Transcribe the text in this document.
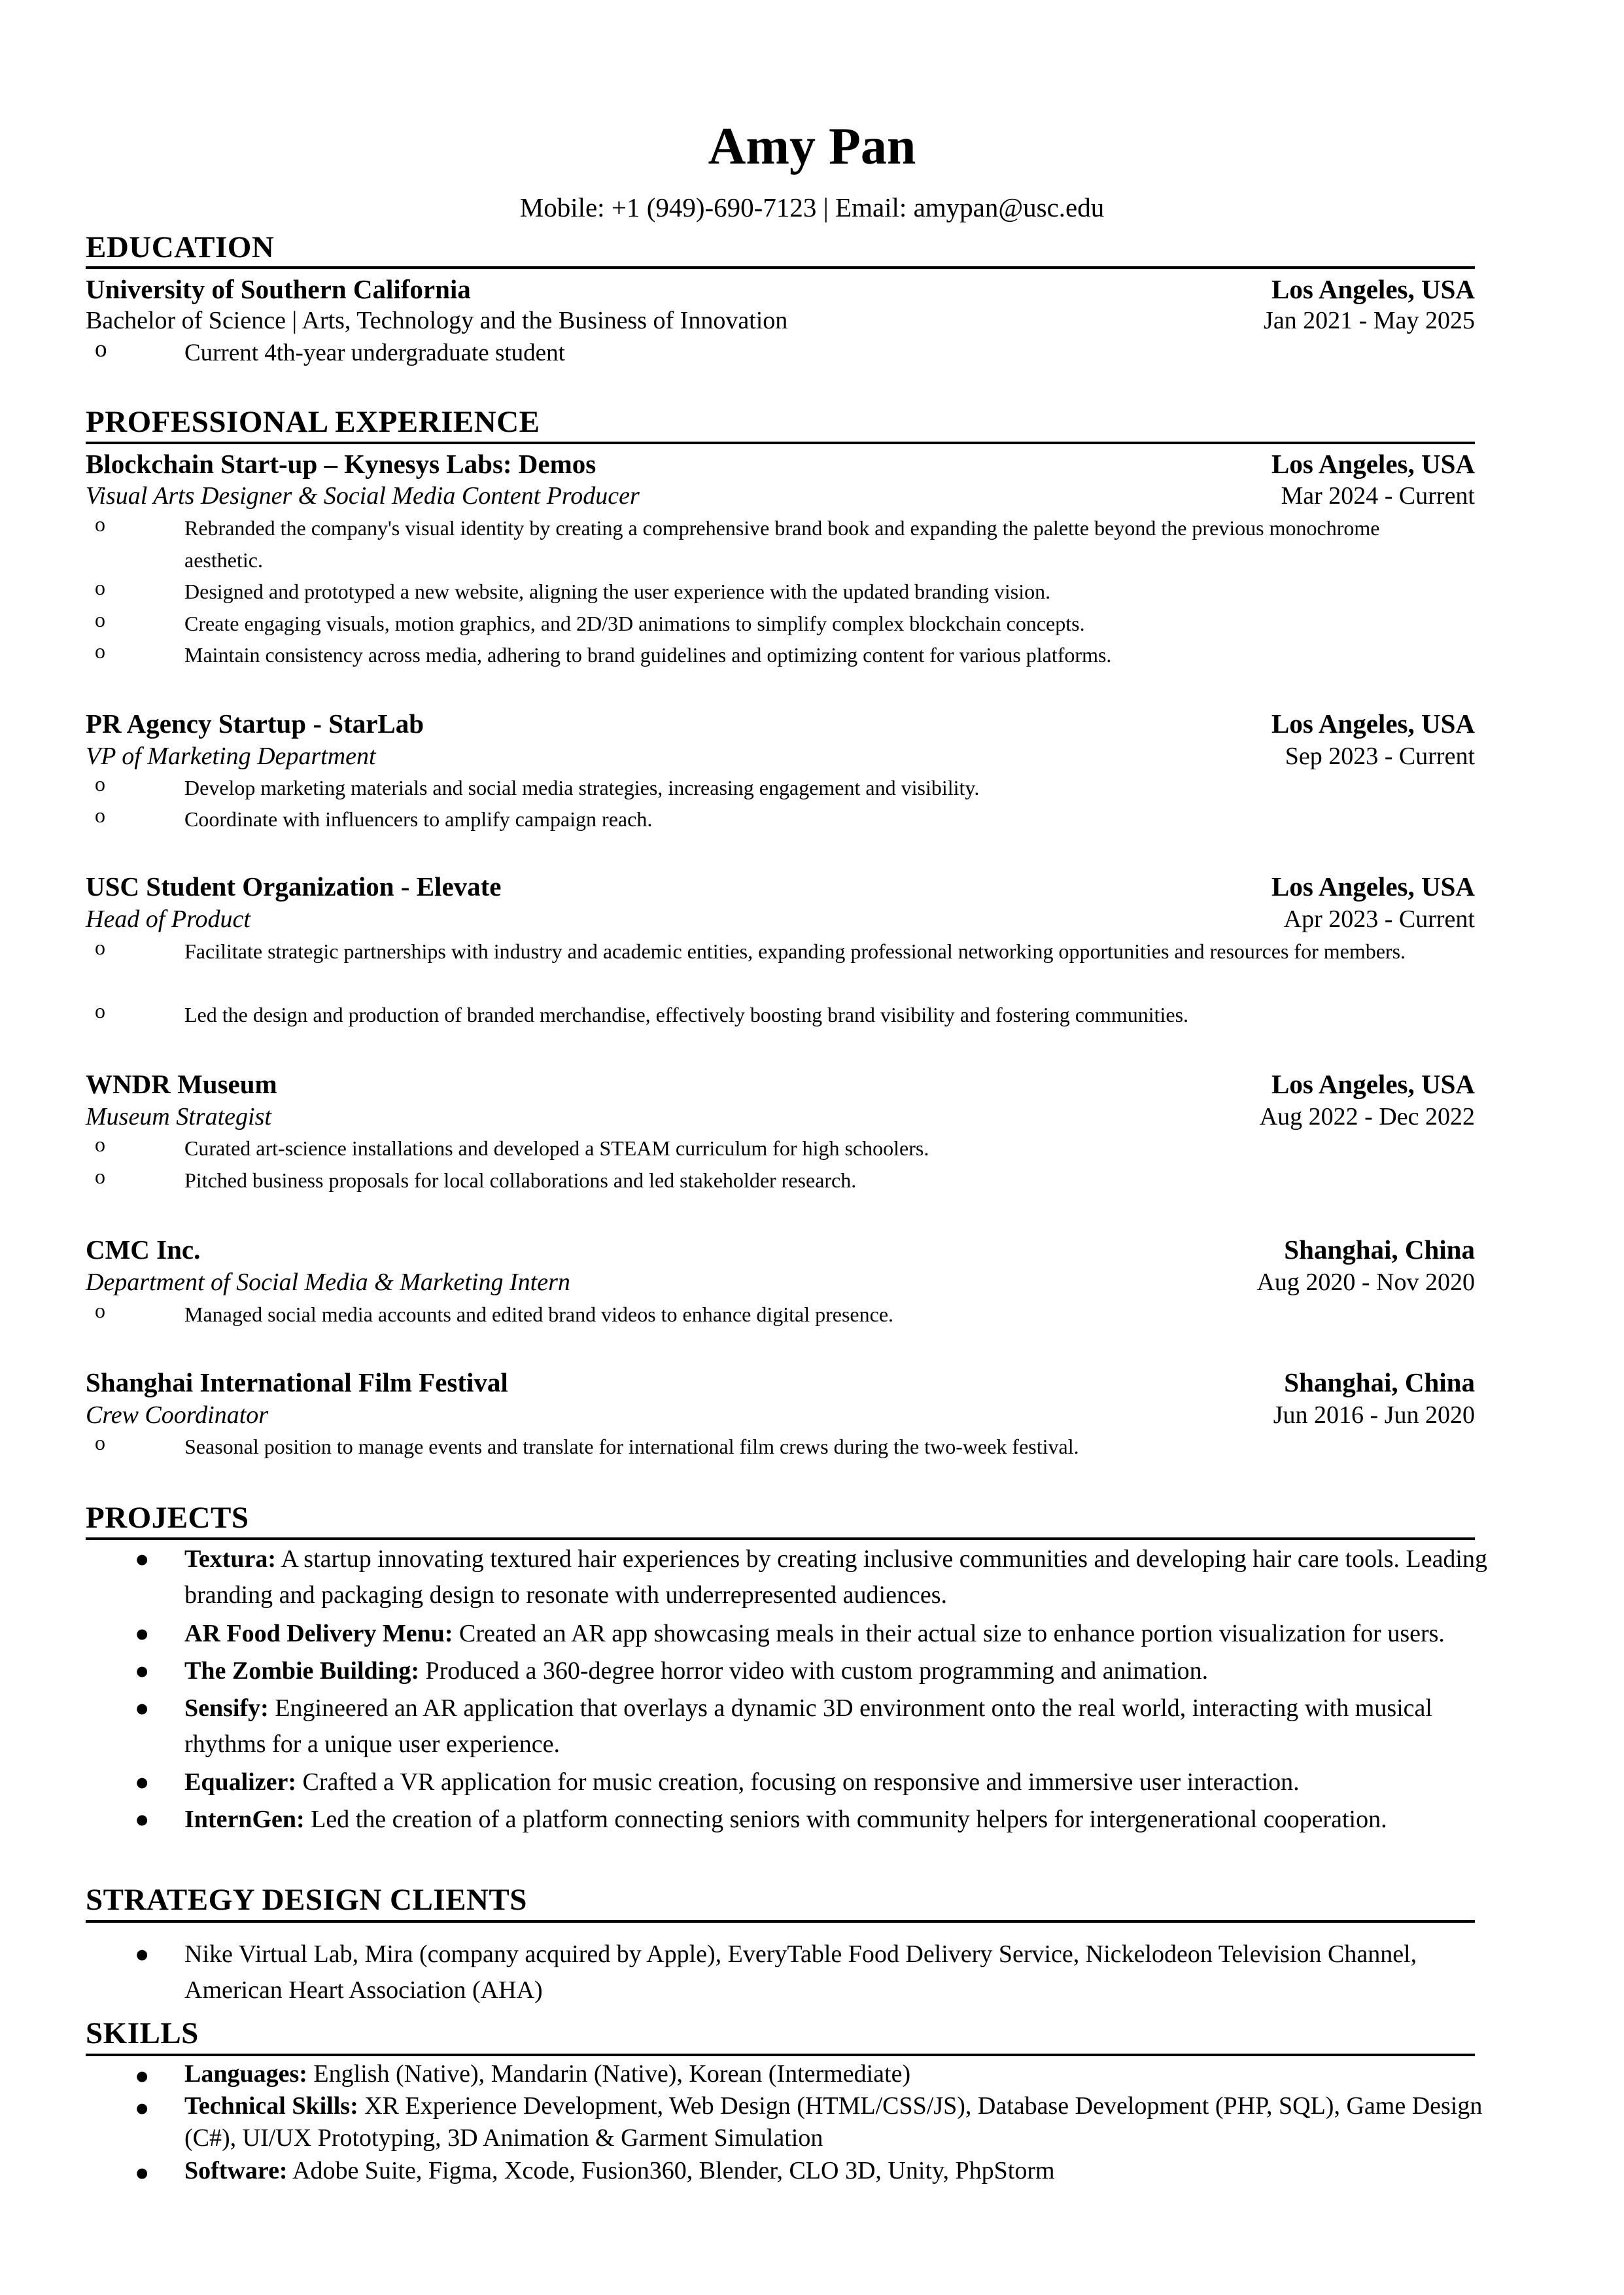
Amy Pan
Mobile: +1 (949)-690-7123 | Email: amypan@usc.edu
EDUCATION
University of Southern California	Los Angeles, USA
Bachelor of Science | Arts, Technology and the Business of Innovation	Jan 2021 - May 2025
o	Current 4th-year undergraduate student
PROFESSIONAL EXPERIENCE
Blockchain Start-up – Kynesys Labs: Demos	Los Angeles, USA
Visual Arts Designer & Social Media Content Producer	Mar 2024 - Current
o	Rebranded the company's visual identity by creating a comprehensive brand book and expanding the palette beyond the previous monochrome aesthetic.
o	Designed and prototyped a new website, aligning the user experience with the updated branding vision.
o	Create engaging visuals, motion graphics, and 2D/3D animations to simplify complex blockchain concepts.
o	Maintain consistency across media, adhering to brand guidelines and optimizing content for various platforms.
PR Agency Startup - StarLab	Los Angeles, USA
VP of Marketing Department	Sep 2023 - Current
o	Develop marketing materials and social media strategies, increasing engagement and visibility.
o	Coordinate with influencers to amplify campaign reach.
USC Student Organization - Elevate	Los Angeles, USA
Head of Product	Apr 2023 - Current
o	Facilitate strategic partnerships with industry and academic entities, expanding professional networking opportunities and resources for members.
o	Led the design and production of branded merchandise, effectively boosting brand visibility and fostering communities.
WNDR Museum	Los Angeles, USA
Museum Strategist	Aug 2022 - Dec 2022
o	Curated art-science installations and developed a STEAM curriculum for high schoolers.
o	Pitched business proposals for local collaborations and led stakeholder research.
CMC Inc.	Shanghai, China
Department of Social Media & Marketing Intern	Aug 2020 - Nov 2020
o	Managed social media accounts and edited brand videos to enhance digital presence.
Shanghai International Film Festival	Shanghai, China
Crew Coordinator	Jun 2016 - Jun 2020
o	Seasonal position to manage events and translate for international film crews during the two-week festival.
PROJECTS
● Textura: A startup innovating textured hair experiences by creating inclusive communities and developing hair care tools. Leading branding and packaging design to resonate with underrepresented audiences.
● AR Food Delivery Menu: Created an AR app showcasing meals in their actual size to enhance portion visualization for users.
● The Zombie Building: Produced a 360-degree horror video with custom programming and animation.
● Sensify: Engineered an AR application that overlays a dynamic 3D environment onto the real world, interacting with musical rhythms for a unique user experience.
● Equalizer: Crafted a VR application for music creation, focusing on responsive and immersive user interaction.
● InternGen: Led the creation of a platform connecting seniors with community helpers for intergenerational cooperation.
STRATEGY DESIGN CLIENTS
● Nike Virtual Lab, Mira (company acquired by Apple), EveryTable Food Delivery Service, Nickelodeon Television Channel, American Heart Association (AHA)
SKILLS
● Languages: English (Native), Mandarin (Native), Korean (Intermediate)
● Technical Skills: XR Experience Development, Web Design (HTML/CSS/JS), Database Development (PHP, SQL), Game Design (C#), UI/UX Prototyping, 3D Animation & Garment Simulation
● Software: Adobe Suite, Figma, Xcode, Fusion360, Blender, CLO 3D, Unity, PhpStorm
